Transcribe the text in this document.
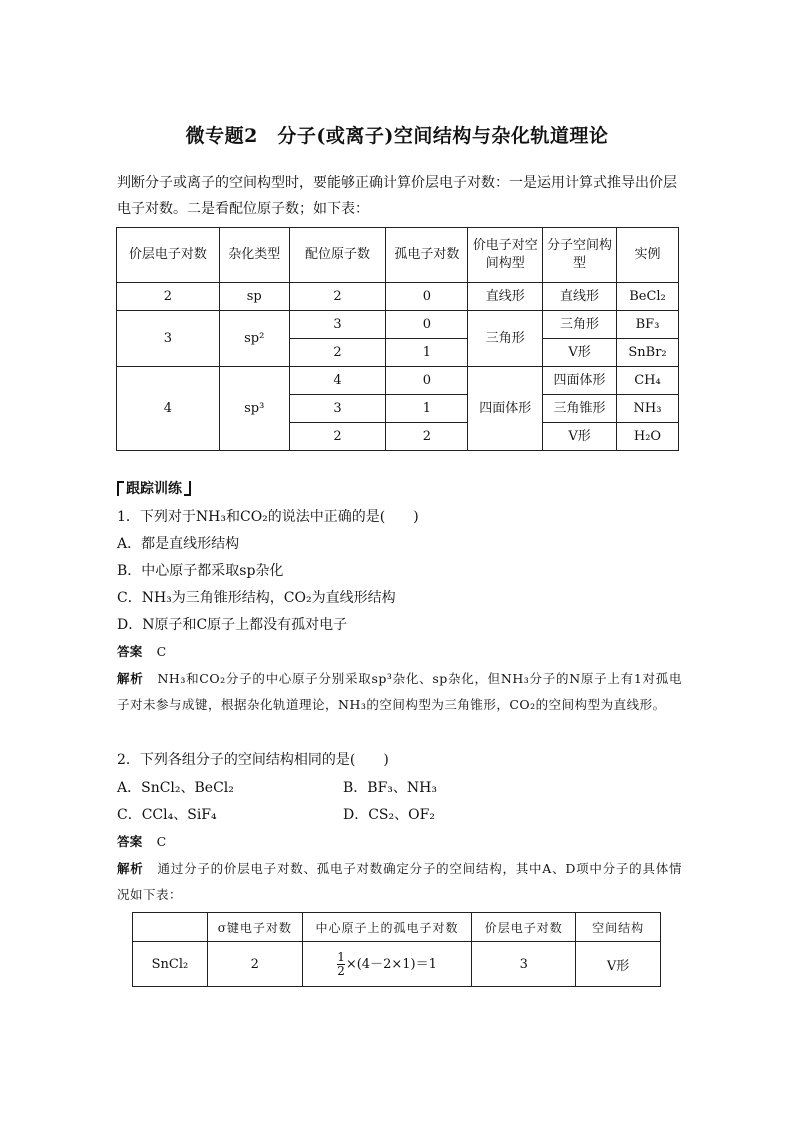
微专题2　分子(或离子)空间结构与杂化轨道理论

判断分子或离子的空间构型时，要能够正确计算价层电子对数：一是运用计算式推导出价层电子对数。二是看配位原子数；如下表：

价层电子对数	杂化类型	配位原子数	孤电子对数	价电子对空间构型	分子空间构型	实例
2	sp	2	0	直线形	直线形	BeCl₂
3	sp²	3	0	三角形	三角形	BF₃
		2	1		V形	SnBr₂
4	sp³	4	0	四面体形	四面体形	CH₄
		3	1		三角锥形	NH₃
		2	2		V形	H₂O
跟踪训练

1．下列对于NH₃和CO₂的说法中正确的是(　　)

A．都是直线形结构

B．中心原子都采取sp杂化

C．NH₃为三角锥形结构，CO₂为直线形结构

D．N原子和C原子上都没有孤对电子

答案 C

解析 NH₃和CO₂分子的中心原子分别采取sp³杂化、sp杂化，但NH₃分子的N原子上有1对孤电子对未参与成键，根据杂化轨道理论，NH₃的空间构型为三角锥形，CO₂的空间构型为直线形。

2．下列各组分子的空间结构相同的是(　　)

A．SnCl₂、BeCl₂	B．BF₃、NH₃

C．CCl₄、SiF₄	D．CS₂、OF₂

答案 C

解析 通过分子的价层电子对数、孤电子对数确定分子的空间结构，其中A、D项中分子的具体情况如下表：

	σ键电子对数	中心原子上的孤电子对数	价层电子对数	空间结构
SnCl₂	2	$\frac{1}{2} \times(4-2\times 1)=1$	3	V形
